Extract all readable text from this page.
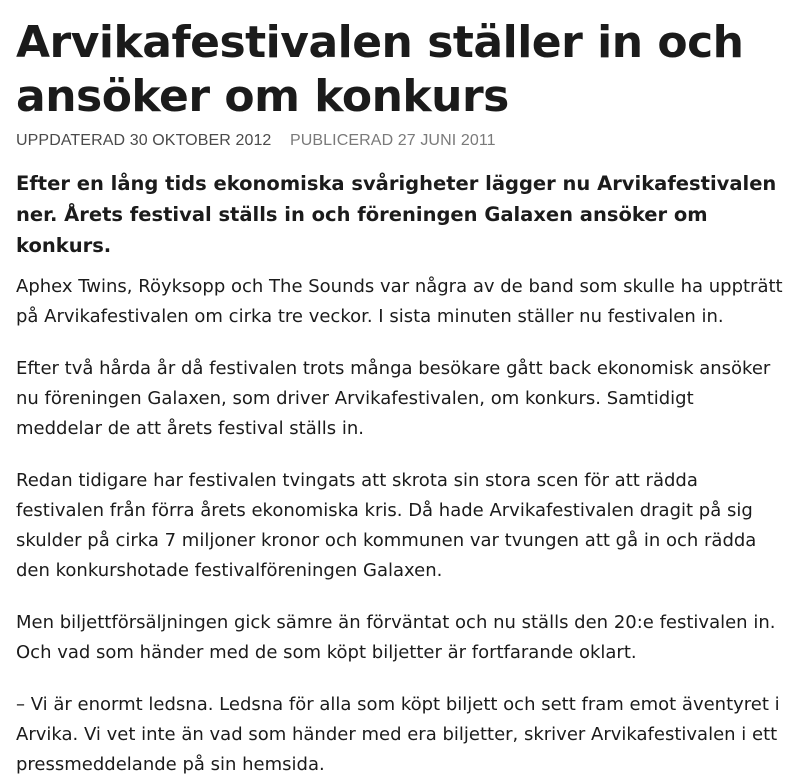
Arvikafestivalen ställer in och ansöker om konkurs
UPPDATERAD 30 OKTOBER 2012 PUBLICERAD 27 JUNI 2011

Efter en lång tids ekonomiska svårigheter lägger nu Arvikafestivalen ner. Årets festival ställs in och föreningen Galaxen ansöker om konkurs.

Aphex Twins, Röyksopp och The Sounds var några av de band som skulle ha uppträtt på Arvikafestivalen om cirka tre veckor. I sista minuten ställer nu festivalen in.

Efter två hårda år då festivalen trots många besökare gått back ekonomisk ansöker nu föreningen Galaxen, som driver Arvikafestivalen, om konkurs. Samtidigt meddelar de att årets festival ställs in.

Redan tidigare har festivalen tvingats att skrota sin stora scen för att rädda festivalen från förra årets ekonomiska kris. Då hade Arvikafestivalen dragit på sig skulder på cirka 7 miljoner kronor och kommunen var tvungen att gå in och rädda den konkurshotade festivalföreningen Galaxen.

Men biljettförsäljningen gick sämre än förväntat och nu ställs den 20:e festivalen in. Och vad som händer med de som köpt biljetter är fortfarande oklart.

– Vi är enormt ledsna. Ledsna för alla som köpt biljett och sett fram emot äventyret i Arvika. Vi vet inte än vad som händer med era biljetter, skriver Arvikafestivalen i ett pressmeddelande på sin hemsida.
